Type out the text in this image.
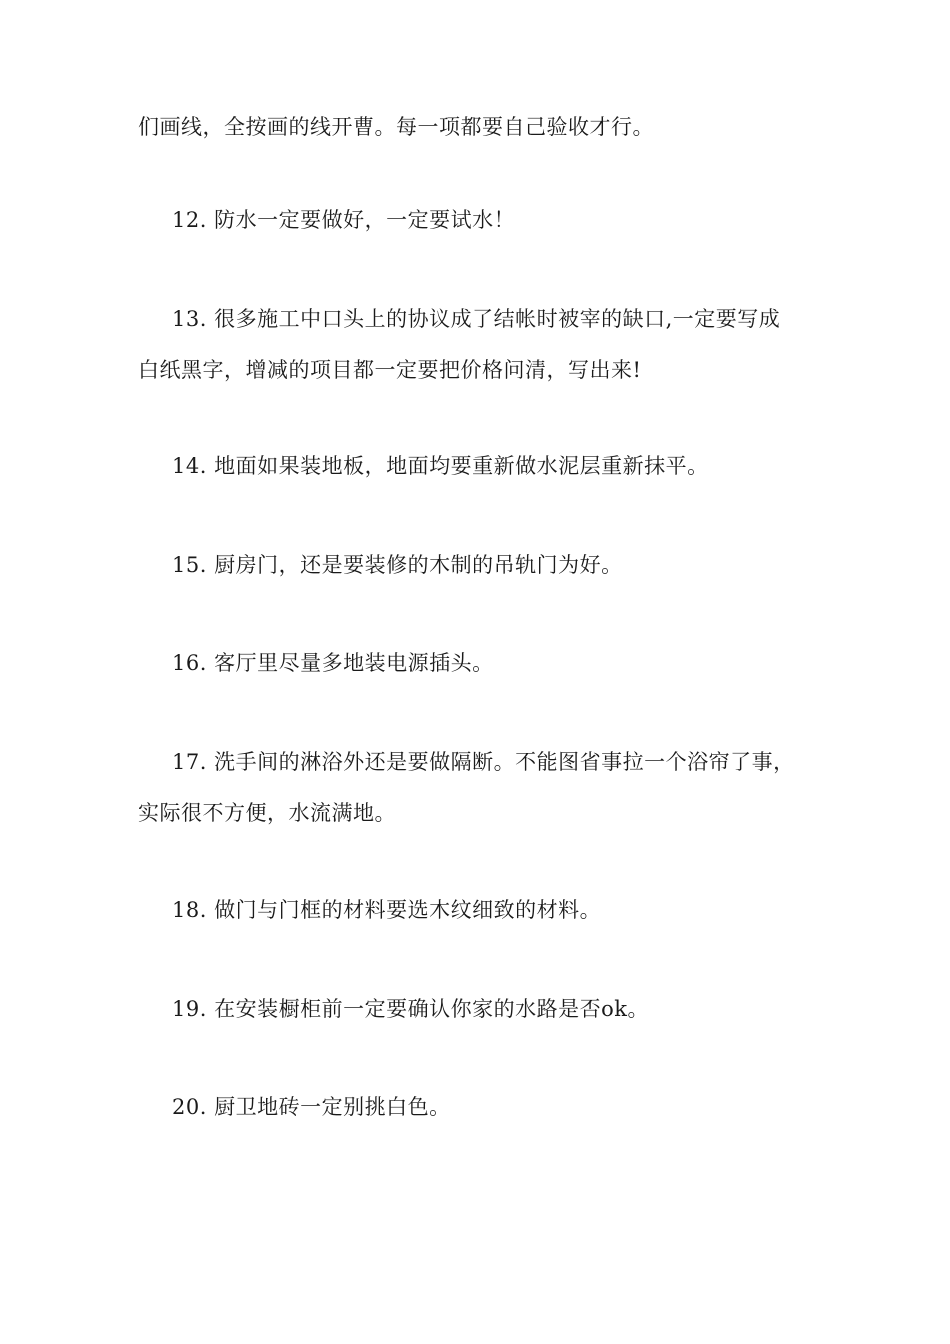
们画线，全按画的线开曹。每一项都要自己验收才行。

12. 防水一定要做好，一定要试水！

13. 很多施工中口头上的协议成了结帐时被宰的缺口,一定要写成
白纸黑字，增减的项目都一定要把价格问清，写出来!

14. 地面如果装地板，地面均要重新做水泥层重新抹平。

15. 厨房门，还是要装修的木制的吊轨门为好。

16. 客厅里尽量多地装电源插头。

17. 洗手间的淋浴外还是要做隔断。不能图省事拉一个浴帘了事，
实际很不方便，水流满地。

18. 做门与门框的材料要选木纹细致的材料。

19. 在安装橱柜前一定要确认你家的水路是否ok。

20. 厨卫地砖一定别挑白色。
